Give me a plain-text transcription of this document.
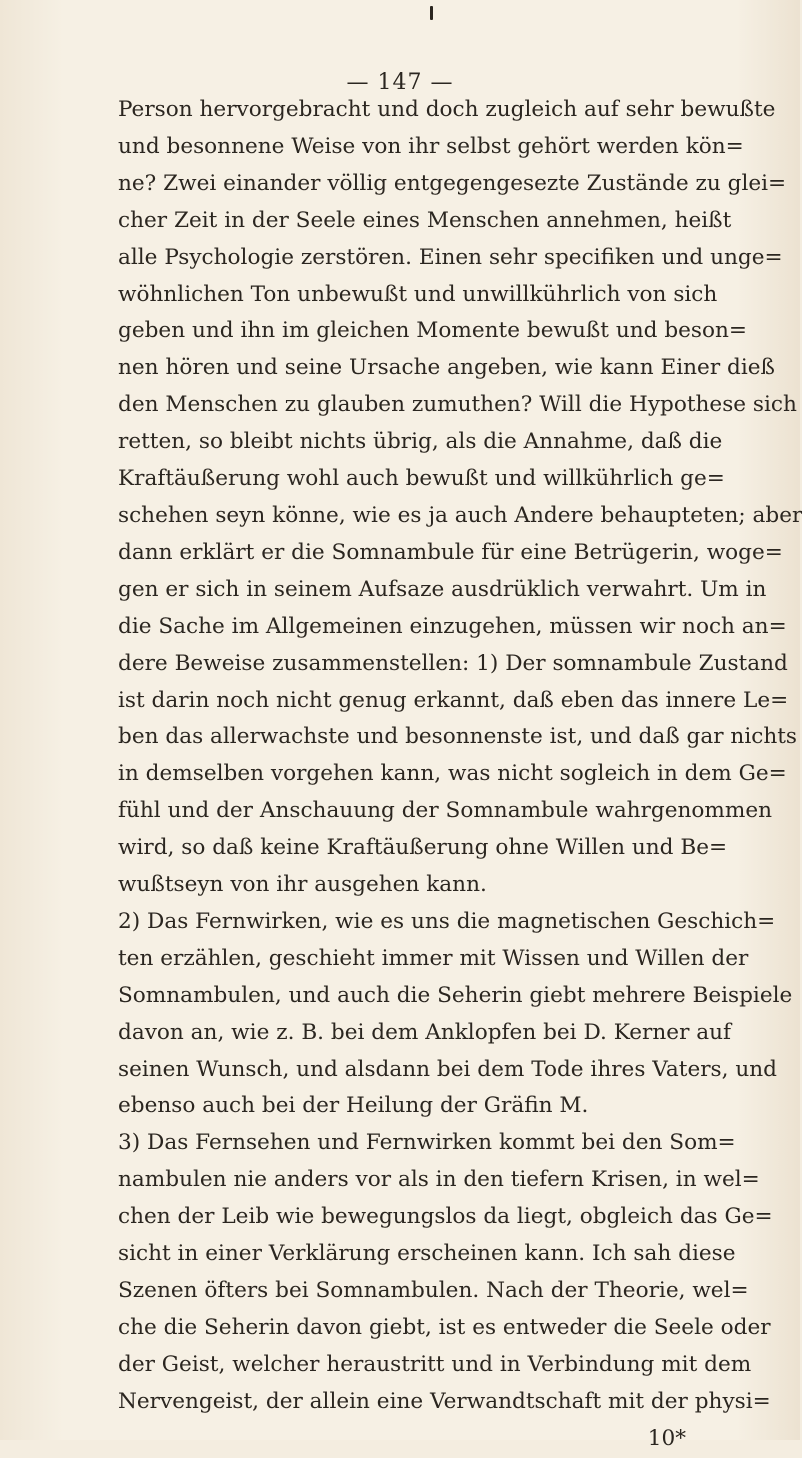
— 147 —
Person hervorgebracht und doch zugleich auf sehr bewußte
und besonnene Weise von ihr selbst gehört werden kön=
ne? Zwei einander völlig entgegengesezte Zustände zu glei=
cher Zeit in der Seele eines Menschen annehmen, heißt
alle Psychologie zerstören. Einen sehr specifiken und unge=
wöhnlichen Ton unbewußt und unwillkührlich von sich
geben und ihn im gleichen Momente bewußt und beson=
nen hören und seine Ursache angeben, wie kann Einer dieß
den Menschen zu glauben zumuthen? Will die Hypothese sich
retten, so bleibt nichts übrig, als die Annahme, daß die
Kraftäußerung wohl auch bewußt und willkührlich ge=
schehen seyn könne, wie es ja auch Andere behaupteten; aber
dann erklärt er die Somnambule für eine Betrügerin, woge=
gen er sich in seinem Aufsaze ausdrüklich verwahrt. Um in
die Sache im Allgemeinen einzugehen, müssen wir noch an=
dere Beweise zusammenstellen: 1) Der somnambule Zustand
ist darin noch nicht genug erkannt, daß eben das innere Le=
ben das allerwachste und besonnenste ist, und daß gar nichts
in demselben vorgehen kann, was nicht sogleich in dem Ge=
fühl und der Anschauung der Somnambule wahrgenommen
wird, so daß keine Kraftäußerung ohne Willen und Be=
wußtseyn von ihr ausgehen kann.
2) Das Fernwirken, wie es uns die magnetischen Geschich=
ten erzählen, geschieht immer mit Wissen und Willen der
Somnambulen, und auch die Seherin giebt mehrere Beispiele
davon an, wie z. B. bei dem Anklopfen bei D. Kerner auf
seinen Wunsch, und alsdann bei dem Tode ihres Vaters, und
ebenso auch bei der Heilung der Gräfin M.
3) Das Fernsehen und Fernwirken kommt bei den Som=
nambulen nie anders vor als in den tiefern Krisen, in wel=
chen der Leib wie bewegungslos da liegt, obgleich das Ge=
sicht in einer Verklärung erscheinen kann. Ich sah diese
Szenen öfters bei Somnambulen. Nach der Theorie, wel=
che die Seherin davon giebt, ist es entweder die Seele oder
der Geist, welcher heraustritt und in Verbindung mit dem
Nervengeist, der allein eine Verwandtschaft mit der physi=
10*
